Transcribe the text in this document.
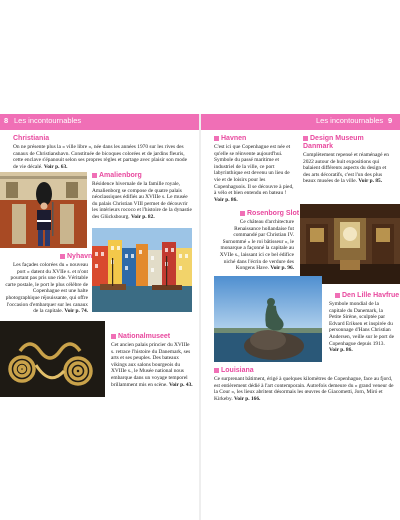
8 Les incontournables	Les incontournables 9
Christiania
On ne présente plus la « ville libre », née dans les années 1970 sur les rives des canaux de Christianshavn. Constituée de bicoques colorées et de jardins fleuris, cette enclave s'épanouit selon ses propres règles et partage avec plaisir son mode de vie décalé. Voir p. 63.
Amalienborg
Résidence hivernale de la famille royale, Amalienborg se compose de quatre palais néoclassiques édifiés au XVIIIe s. Le musée du palais Christian VIII permet de découvrir les intérieurs rococo et l'histoire de la dynastie des Glücksbourg. Voir p. 82.
Nyhavn
Les façades colorées du « nouveau port » datent du XVIIe s. et n'ont pourtant pas pris une ride. Véritable carte postale, le port le plus célèbre de Copenhague est une halte photographique réjouissante, qui offre l'occasion d'embarquer sur les canaux de la capitale. Voir p. 74.
Nationalmuseet
Cet ancien palais princier du XVIIIe s. retrace l'histoire du Danemark, ses arts et ses peuples. Des bateaux vikings aux salons bourgeois du XVIIIe s., le Musée national nous embarque dans un voyage temporel brillamment mis en scène. Voir p. 43.
Havnen
C'est ici que Copenhague est née et qu'elle se réinvente aujourd'hui. Symbole du passé maritime et industriel de la ville, ce port labyrinthique est devenu un lieu de vie et de loisirs pour les Copenhaguois. Il se découvre à pied, à vélo et bien entendu en bateau ! Voir p. 86.
Design Museum Danmark
Complètement repensé et réaménagé en 2022 autour de huit expositions qui balaient différents aspects du design et des arts décoratifs, c'est l'un des plus beaux musées de la ville. Voir p. 85.
Rosenborg Slot
Ce château d'architecture Renaissance hollandaise fut commandé par Christian IV. Surnommé « le roi bâtisseur », le monarque a façonné la capitale au XVIIe s., laissant ici ce bel édifice niché dans l'écrin de verdure des Kongens Have. Voir p. 96.
Den Lille Havfrue
Symbole mondial de la capitale du Danemark, la Petite Sirène, sculptée par Edvard Eriksen et inspirée du personnage d'Hans Christian Andersen, veille sur le port de Copenhague depuis 1913. Voir p. 86.
Louisiana
Ce surprenant bâtiment, érigé à quelques kilomètres de Copenhague, face au fjord, est entièrement dédié à l'art contemporain. Autrefois demeure du « grand veneur de la Cour », les lieux abritent désormais les œuvres de Giacometti, Jorn, Miró et Kirkeby. Voir p. 166.
